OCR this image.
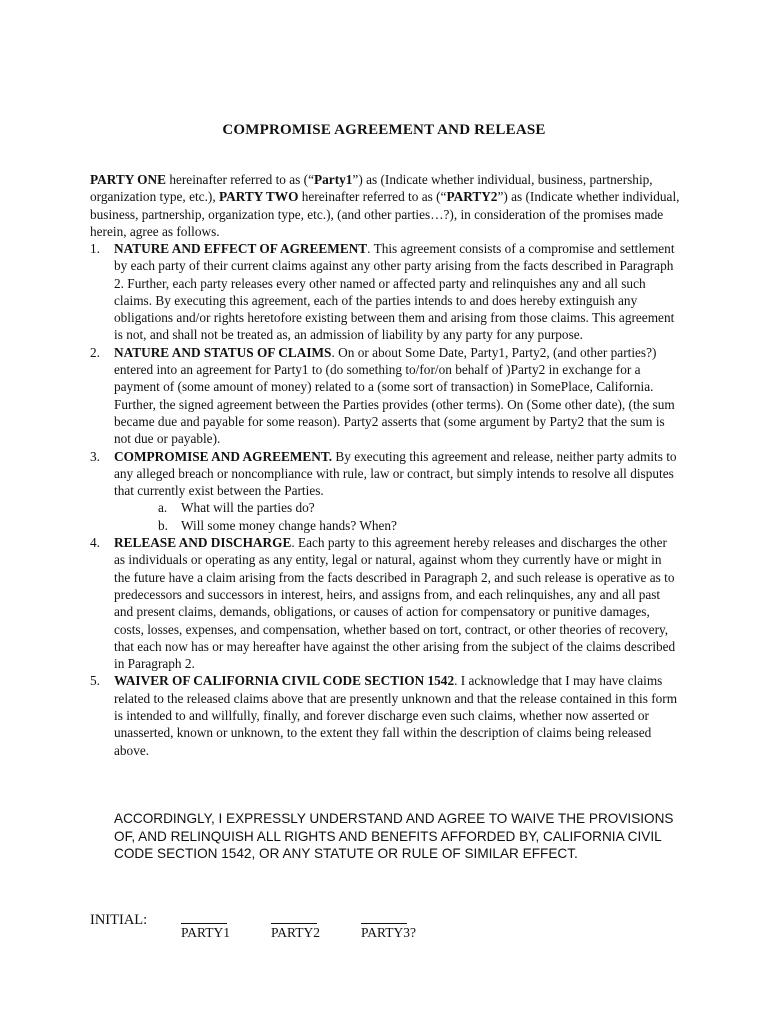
COMPROMISE AGREEMENT AND RELEASE
PARTY ONE hereinafter referred to as (“Party1”) as (Indicate whether individual, business, partnership, organization type, etc.), PARTY TWO hereinafter referred to as (“PARTY2”) as (Indicate whether individual, business, partnership, organization type, etc.), (and other parties…?), in consideration of the promises made herein, agree as follows.
1. NATURE AND EFFECT OF AGREEMENT. This agreement consists of a compromise and settlement by each party of their current claims against any other party arising from the facts described in Paragraph 2. Further, each party releases every other named or affected party and relinquishes any and all such claims. By executing this agreement, each of the parties intends to and does hereby extinguish any obligations and/or rights heretofore existing between them and arising from those claims. This agreement is not, and shall not be treated as, an admission of liability by any party for any purpose.
2. NATURE AND STATUS OF CLAIMS. On or about Some Date, Party1, Party2, (and other parties?) entered into an agreement for Party1 to (do something to/for/on behalf of )Party2 in exchange for a payment of (some amount of money) related to a (some sort of transaction) in SomePlace, California. Further, the signed agreement between the Parties provides (other terms). On (Some other date), (the sum became due and payable for some reason). Party2 asserts that (some argument by Party2 that the sum is not due or payable).
3. COMPROMISE AND AGREEMENT. By executing this agreement and release, neither party admits to any alleged breach or noncompliance with rule, law or contract, but simply intends to resolve all disputes that currently exist between the Parties.
a. What will the parties do?
b. Will some money change hands? When?
4. RELEASE AND DISCHARGE. Each party to this agreement hereby releases and discharges the other as individuals or operating as any entity, legal or natural, against whom they currently have or might in the future have a claim arising from the facts described in Paragraph 2, and such release is operative as to predecessors and successors in interest, heirs, and assigns from, and each relinquishes, any and all past and present claims, demands, obligations, or causes of action for compensatory or punitive damages, costs, losses, expenses, and compensation, whether based on tort, contract, or other theories of recovery, that each now has or may hereafter have against the other arising from the subject of the claims described in Paragraph 2.
5. WAIVER OF CALIFORNIA CIVIL CODE SECTION 1542. I acknowledge that I may have claims related to the released claims above that are presently unknown and that the release contained in this form is intended to and willfully, finally, and forever discharge even such claims, whether now asserted or unasserted, known or unknown, to the extent they fall within the description of claims being released above.
ACCORDINGLY, I EXPRESSLY UNDERSTAND AND AGREE TO WAIVE THE PROVISIONS OF, AND RELINQUISH ALL RIGHTS AND BENEFITS AFFORDED BY, CALIFORNIA CIVIL CODE SECTION 1542, OR ANY STATUTE OR RULE OF SIMILAR EFFECT.
INITIAL:
PARTY1	PARTY2	PARTY3?
